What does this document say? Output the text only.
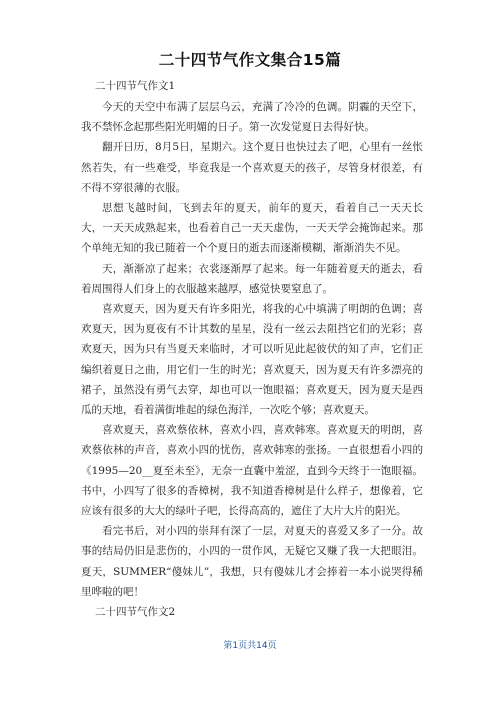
二十四节气作文集合15篇

二十四节气作文1

今天的天空中布满了层层乌云，充满了冷冷的色调。阴霾的天空下，我不禁怀念起那些阳光明媚的日子。第一次发觉夏日去得好快。

翻开日历，8月5日，星期六。这个夏日也快过去了吧，心里有一丝怅然若失，有一些难受，毕竟我是一个喜欢夏天的孩子，尽管身材很差，有不得不穿很薄的衣服。

思想飞越时间，飞到去年的夏天，前年的夏天，看着自己一天天长大，一天天成熟起来，也看着自己一天天虚伪，一天天学会掩饰起来。那个单纯无知的我已随着一个个夏日的逝去而逐渐模糊，渐渐消失不见。

天，渐渐凉了起来；衣裳逐渐厚了起来。每一年随着夏天的逝去，看着周围得人们身上的衣服越来越厚，感觉快要窒息了。

喜欢夏天，因为夏天有许多阳光，将我的心中填满了明朗的色调；喜欢夏天，因为夏夜有不计其数的星星，没有一丝云去阻挡它们的光彩；喜欢夏天，因为只有当夏天来临时，才可以听见此起彼伏的知了声，它们正编织着夏日之曲，用它们一生的时光；喜欢夏天，因为夏天有许多漂亮的裙子，虽然没有勇气去穿，却也可以一饱眼福；喜欢夏天，因为夏天是西瓜的天地，看着满街堆起的绿色海洋，一次吃个够；喜欢夏天。

喜欢夏天，喜欢蔡依林，喜欢小四，喜欢韩寒。喜欢夏天的明朗，喜欢蔡依林的声音，喜欢小四的忧伤，喜欢韩寒的张扬。一直很想看小四的《1995—20__夏至未至》，无奈一直囊中羞涩，直到今天终于一饱眼福。书中，小四写了很多的香樟树，我不知道香樟树是什么样子，想像着，它应该有很多的大大的绿叶子吧，长得高高的，遮住了大片大片的阳光。

看完书后，对小四的崇拜有深了一层，对夏天的喜爱又多了一分。故事的结局仍旧是悲伤的，小四的一贯作风，无疑它又赚了我一大把眼泪。夏天，SUMMER“傻妹儿”，我想，只有傻妹儿才会捧着一本小说哭得稀里哗啦的吧！

二十四节气作文2

第1页共14页
